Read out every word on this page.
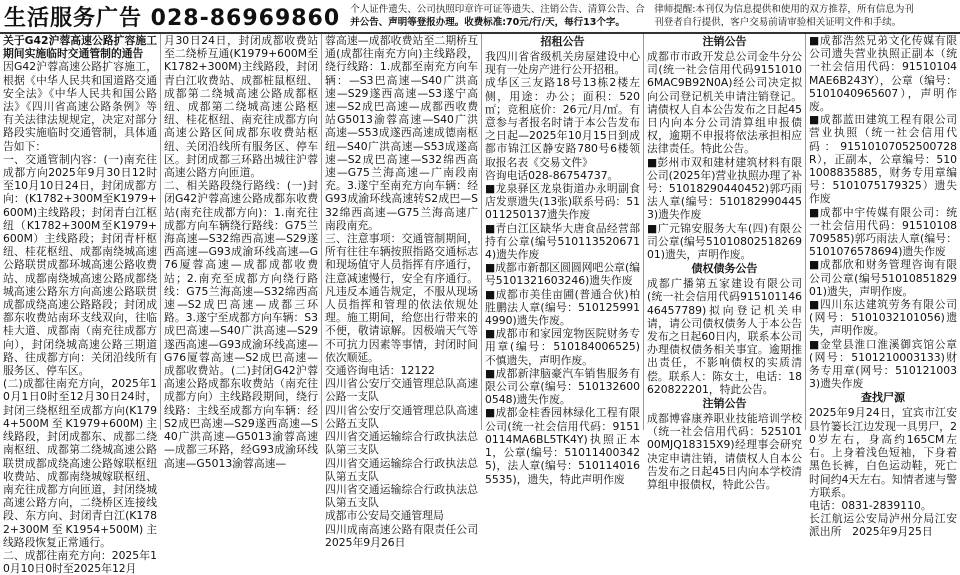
生活服务广告 028-86969860 个人证件遗失、公司执照印章许可证等遗失、注销公告、清算公告、合
并公告、声明等登报办理。收费标准:70元/行/天，每行13个字。
律师提醒:本刊仅为信息提供和使用的双方推荐，所有信息为刊
刊登者自行提供，客户交易前请审验相关证明文件和手续。

关于G42沪蓉高速公路扩容施工期间实施临时交通管制的通告

因G42沪蓉高速公路扩容施工，根据《中华人民共和国道路交通安全法》《中华人民共和国公路法》《四川省高速公路条例》等有关法律法规规定，决定对部分路段实施临时交通管制，具体通告如下：

一、交通管制内容：(一)南充往成都方向2025年9月30日12时至10月10日24日，封闭成都方向：(K1782+300M至K1979+600M)主线路段；封闭青白江枢纽（K1782+300M至K1979+600M）主线路段；封闭青杆枢纽、桂花枢纽、成都南绕城高速公路联贯成都环城高速公路收费站、成都南绕城高速公路成都绕城高速公路东方向高速公路联贯成都成绕高速公路路段；封闭成都东收费站南环支线双向，往临桂大道、成都南（南充往成都方向），封闭绕城高速公路三期道路、往成都方向：关闭沿线所有服务区、停车区。

(二)成都往南充方向，2025年10月1日0时至12月30日24时，封闭三绕枢纽至成都方向(K1794+500M至K1979+600M)主线路段，封闭成都东、成都二绕南枢纽、成都第二绕城高速公路联贯成都成绕高速公路嫁联枢纽收费站、成都南绕城嫁联枢纽、南充往成都方向匝道，封闭绕城高速公路方向，二绕桥区连接线段、东方向、封闭青白江(K1782+300M至K1954+500M)主线路段恢复正常通行。

二、成都往南充方向：2025年10月10日0时至2025年12月

月30日24日，封闭成都收费站至二绕桥互通(K1979+600M至K1782+300M)主线路段，封闭青白江收费站、成都桩鼠枢纽、成都第二绕城高速公路成都枢纽、成都第二绕城高速公路枢纽、桂花枢纽、南充往成都方向高速公路区间成都东收费站枢纽、关闭沿线所有服务区、停车区。封闭成都三环路出城往沪蓉高速公路方向匝道。

二、相关路段绕行路线：(一)封闭G42沪蓉高速公路成都东收费站(南充往成都方向)：1.南充往成都方向车辆绕行路线：G75兰海高速—S32绵西高速—S29遂西高速—G93成渝环线高速—G76厦蓉高速—成都成都收费站；2.南充至成都方向绕行路线：G75兰海高速—S32绵西高速—S2成巴高速—成都三环路。3.遂宁至成都方向车辆：S3成巴高速—S40广洪高速—S29遂西高速—G93成渝环线高速—G76厦蓉高速—S2成巴高速—成都收费站。(二)封闭G42沪蓉高速公路成都东收费站（南充往成都方向）主线路段期间，绕行线路：主线至成都方向车辆：经S2成巴高速—S29遂西高速—S40广洪高速—G5013渝蓉高速—成都三环路，经G93成渝环线高速—G5013渝蓉高速—

蓉高速—成都收费站至二期桥互通(成都往南充方向)主线路段，绕行线路：1.成都至南充方向车辆：—S3巴高速—S40广洪高速—S29遂西高速—S3遂宁高速—S2成巴高速—成都西收费站G5013渝蓉高速—S40广洪高速—S53成遂西高速成德南枢纽—S40广洪高速—S53成遂高速—S2成巴高速—S32绵西高速—G75兰海高速—广南段南充。3.遂宁至南充方向车辆：经G93成渝环线高速转S2成巴—S32绵西高速—G75兰海高速广南段南充。

三、注意事项：交通管制期间，所有往往车辆按照指路交通标志和现场值守人员指挥有序通行，注意减速慢行，安全有序通行。凡违反本通告规定，不服从现场人员指挥和管理的依法依规处理。施工期间，给您出行带来的不便，敬请谅解。因极端天气等不可抗力因素等事情，封闭时间依次顺延。

交通咨询电话：12122

四川省公安厅交通管理总队高速公路一支队

四川省公安厅交通管理总队高速公路五支队

四川省交通运输综合行政执法总队第三支队

四川省交通运输综合行政执法总队第五支队

四川省交通运输综合行政执法总队第五支队

成都市公安局交通管理局

四川成南高速公路有限责任公司　2025年9月26日

招租公告

我四川省省级机关房屋建设中心现有一处房产进行公开招租。

成华区三友路18号13栋2楼左侧，用途：办公；面积：520㎡；竞租底价：26元/月/㎡。有意参与者报名时请于本公告发布之日起—2025年10月15日到成都市锦江区静安路780号6楼领取报名表《交易文件》

咨询电话028-86754737。

■龙泉驿区龙泉街道办永明副食店发票遗失(13张)联系号码：51011250137遗失作废

■青白江区缺华大唐食品经营部持有公章(编号5101135206714)遗失作废

■成都市新都区圆圆网吧公章(编号5101321603246)遗失作废

■成都市美佳亩圃(普通合伙)柏胜鹏法人章(编号：5101259914990)遗失作废。

■成都市和家园宠物医院财务专用章(编号：510184006525)不慎遗失，声明作废。

■成都新津脑豪汽车销售服务有限公司公章(编号：5101326000548)遗失作废。

■成都金桂香园林绿化工程有限公司(统一社会信用代码：91510114MA6BL5TK4Y)执照正本1，公章(编号：510114003425)，法人章(编号：5101140165535)，遗失，特此声明作废

注销公告

成都市市政开发总公司金牛分公司(统一社会信用代码91510106MAC9B92N0A)经公司决定拟向公司登记机关申请注销登记。请债权人自本公告发布之日起45日内向本分公司清算组申报债权，逾期不申报将依法承担相应法律责任。特此公告。

■彭州市双和建材建筑材料有限公司(2025年)营业执照办理了补号：51018290440452)郭巧雨法人章(编号：5101829904453)遗失作废

■广元锦安服务大车(四)有限公司公章(编号5101080251826901)遗失，声明作废。

债权债务公告

成都广播第五家建设有限公司(统一社会信用代码91510114646457789)拟向登记机关申请，请公司债权债务人于本公告发布之日起60日内，联系本公司办理债权债务相关事宜。逾期推出责任，不影响债权的实质清偿。联系人：陈女士，电话：18620822201，特此公告。

注销公告

成都博睿康养职业技能培训学校（统一社会信用代码：52510100MJQ18315X9)经理事会研究决定申请注销，请债权人自本公告发布之日起45日内向本学校清算组申报债权，特此公告。

■成都浩然兄弟文化传媒有限公司遗失营业执照正副本（统一社会信用代码：91510104MAE6B243Y），公章（编号：5101040965607），声明作废。

■成都蓝田建筑工程有限公司营业执照（统一社会信用代码：91510107052500728R），正副本，公章编号：5101008835885，财务专用章编号：5101075179325）遗失作废

■成都中宇传媒有限公司：统一社会信用代码：91510108709585)郭巧雨法人章(编号：5101076578694)遗失作废

■成都欣和财务管理咨询有限公司公章(编号5101085182901)遗失，声明作废。

■四川东达建筑劳务有限公司(网号：5101032101056)遗失，声明作废。

■金堂县淮口淮溪御宾馆公章(网号：5101210003133)财务专用章(网号：5101210033)遗失作废

查找尸源

2025年9月24日，宜宾市江安县竹篓长江边发现一具男尸，20岁左右，身高约165CM左右。上身着浅色短袖，下身着黑色长裤，白色运动鞋，死亡时间约4天左右。知情者速与警方联系。

电话：0831-2839110。

长江航运公安局泸州分局江安派出所　2025年9月25日
